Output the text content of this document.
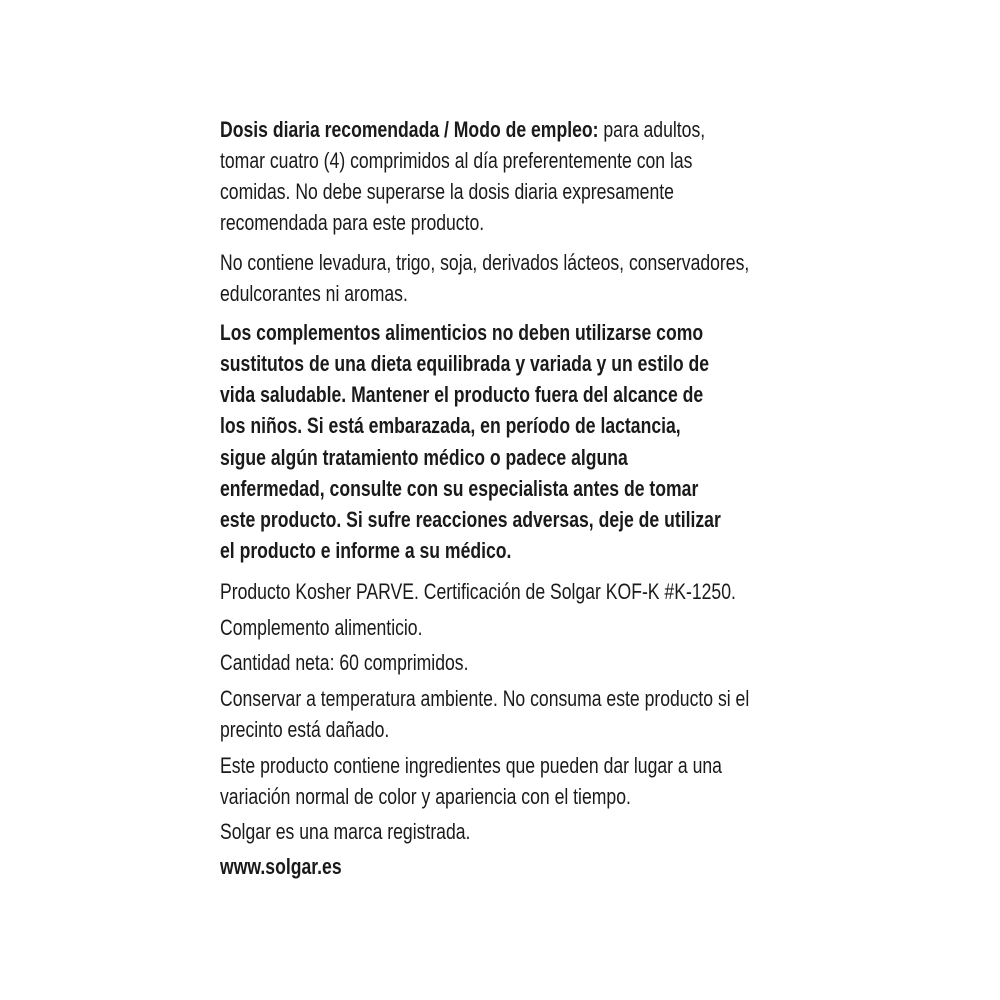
Dosis diaria recomendada / Modo de empleo: para adultos,
tomar cuatro (4) comprimidos al día preferentemente con las
comidas. No debe superarse la dosis diaria expresamente
recomendada para este producto.
No contiene levadura, trigo, soja, derivados lácteos, conservadores,
edulcorantes ni aromas.
Los complementos alimenticios no deben utilizarse como
sustitutos de una dieta equilibrada y variada y un estilo de
vida saludable. Mantener el producto fuera del alcance de
los niños. Si está embarazada, en período de lactancia,
sigue algún tratamiento médico o padece alguna
enfermedad, consulte con su especialista antes de tomar
este producto. Si sufre reacciones adversas, deje de utilizar
el producto e informe a su médico.
Producto Kosher PARVE. Certificación de Solgar KOF-K #K-1250.
Complemento alimenticio.
Cantidad neta: 60 comprimidos.
Conservar a temperatura ambiente. No consuma este producto si el
precinto está dañado.
Este producto contiene ingredientes que pueden dar lugar a una
variación normal de color y apariencia con el tiempo.
Solgar es una marca registrada.
www.solgar.es
